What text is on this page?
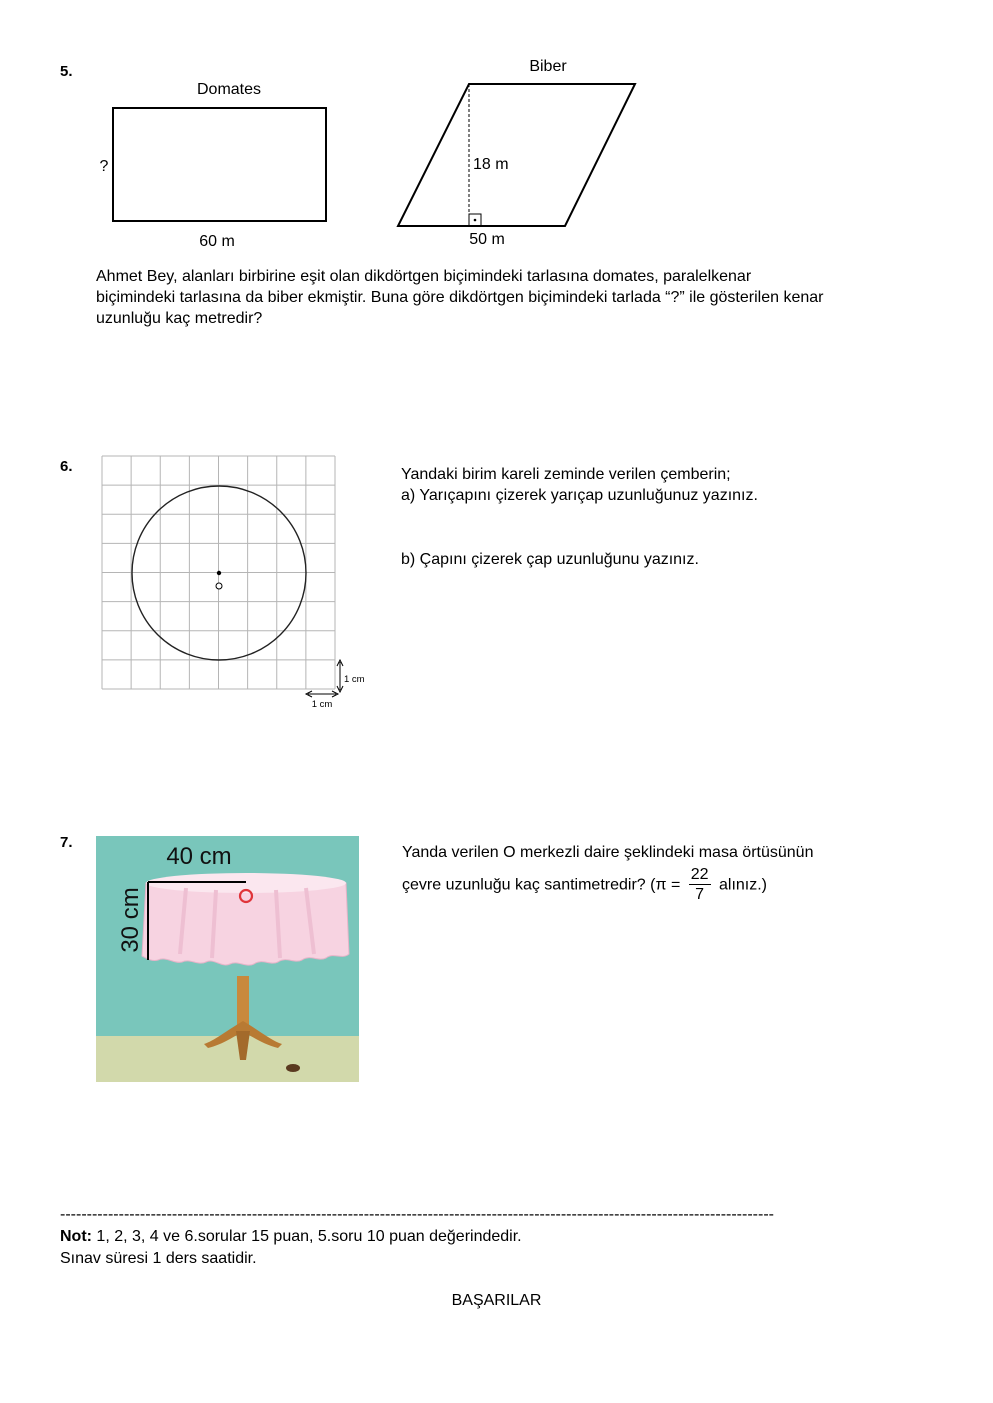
5.
Domates
?
60 m
Biber
18 m
50 m
Ahmet Bey, alanları birbirine eşit olan dikdörtgen biçimindeki tarlasına domates, paralelkenar
biçimindeki tarlasına da biber ekmiştir. Buna göre dikdörtgen biçimindeki tarlada “?” ile gösterilen kenar
uzunluğu kaç metredir?
6.
1 cm
1 cm
Yandaki birim kareli zeminde verilen çemberin;
a) Yarıçapını çizerek yarıçap uzunluğunuz yazınız.
b) Çapını çizerek çap uzunluğunu yazınız.
7.
40 cm
30 cm
Yanda verilen O merkezli daire şeklindeki masa örtüsünün
çevre uzunluğu kaç santimetredir? ($\pi = \frac{22}{7}$ alınız.)
--------------------------------------------------------------------------------------------------------------------------------------
Not: 1, 2, 3, 4 ve 6.sorular 15 puan, 5.soru 10 puan değerindedir.
Sınav süresi 1 ders saatidir.
BAŞARILAR
